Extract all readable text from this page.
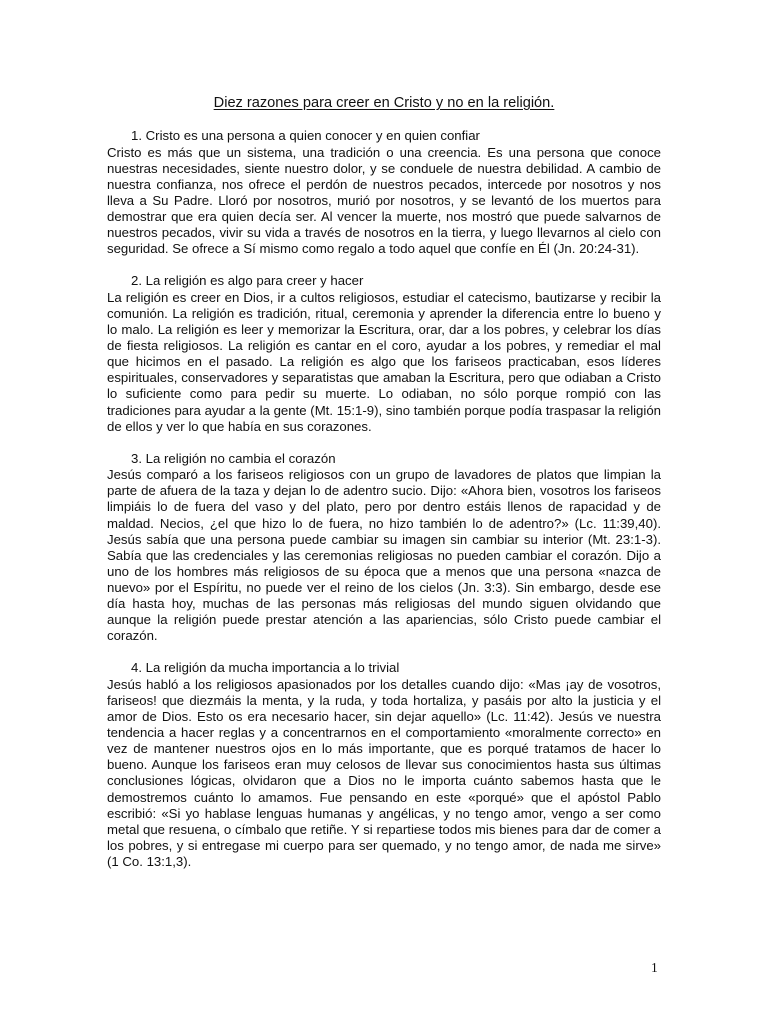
Diez razones para creer en Cristo y no en la religión.

1. Cristo es una persona a quien conocer y en quien confiar

Cristo es más que un sistema, una tradición o una creencia. Es una persona que conoce nuestras necesidades, siente nuestro dolor, y se conduele de nuestra debilidad. A cambio de nuestra confianza, nos ofrece el perdón de nuestros pecados, intercede por nosotros y nos lleva a Su Padre. Lloró por nosotros, murió por nosotros, y se levantó de los muertos para demostrar que era quien decía ser. Al vencer la muerte, nos mostró que puede salvarnos de nuestros pecados, vivir su vida a través de nosotros en la tierra, y luego llevarnos al cielo con seguridad. Se ofrece a Sí mismo como regalo a todo aquel que confíe en Él (Jn. 20:24-31).

2. La religión es algo para creer y hacer

La religión es creer en Dios, ir a cultos religiosos, estudiar el catecismo, bautizarse y recibir la comunión. La religión es tradición, ritual, ceremonia y aprender la diferencia entre lo bueno y lo malo. La religión es leer y memorizar la Escritura, orar, dar a los pobres, y celebrar los días de fiesta religiosos. La religión es cantar en el coro, ayudar a los pobres, y remediar el mal que hicimos en el pasado. La religión es algo que los fariseos practicaban, esos líderes espirituales, conservadores y separatistas que amaban la Escritura, pero que odiaban a Cristo lo suficiente como para pedir su muerte. Lo odiaban, no sólo porque rompió con las tradiciones para ayudar a la gente (Mt. 15:1-9), sino también porque podía traspasar la religión de ellos y ver lo que había en sus corazones.

3. La religión no cambia el corazón

Jesús comparó a los fariseos religiosos con un grupo de lavadores de platos que limpian la parte de afuera de la taza y dejan lo de adentro sucio. Dijo: «Ahora bien, vosotros los fariseos limpiáis lo de fuera del vaso y del plato, pero por dentro estáis llenos de rapacidad y de maldad. Necios, ¿el que hizo lo de fuera, no hizo también lo de adentro?» (Lc. 11:39,40). Jesús sabía que una persona puede cambiar su imagen sin cambiar su interior (Mt. 23:1-3). Sabía que las credenciales y las ceremonias religiosas no pueden cambiar el corazón. Dijo a uno de los hombres más religiosos de su época que a menos que una persona «nazca de nuevo» por el Espíritu, no puede ver el reino de los cielos (Jn. 3:3). Sin embargo, desde ese día hasta hoy, muchas de las personas más religiosas del mundo siguen olvidando que aunque la religión puede prestar atención a las apariencias, sólo Cristo puede cambiar el corazón.

4. La religión da mucha importancia a lo trivial

Jesús habló a los religiosos apasionados por los detalles cuando dijo: «Mas ¡ay de vosotros, fariseos! que diezmáis la menta, y la ruda, y toda hortaliza, y pasáis por alto la justicia y el amor de Dios. Esto os era necesario hacer, sin dejar aquello» (Lc. 11:42). Jesús ve nuestra tendencia a hacer reglas y a concentrarnos en el comportamiento «moralmente correcto» en vez de mantener nuestros ojos en lo más importante, que es porqué tratamos de hacer lo bueno. Aunque los fariseos eran muy celosos de llevar sus conocimientos hasta sus últimas conclusiones lógicas, olvidaron que a Dios no le importa cuánto sabemos hasta que le demostremos cuánto lo amamos. Fue pensando en este «porqué» que el apóstol Pablo escribió: «Si yo hablase lenguas humanas y angélicas, y no tengo amor, vengo a ser como metal que resuena, o címbalo que retiñe. Y si repartiese todos mis bienes para dar de comer a los pobres, y si entregase mi cuerpo para ser quemado, y no tengo amor, de nada me sirve» (1 Co. 13:1,3).

1
